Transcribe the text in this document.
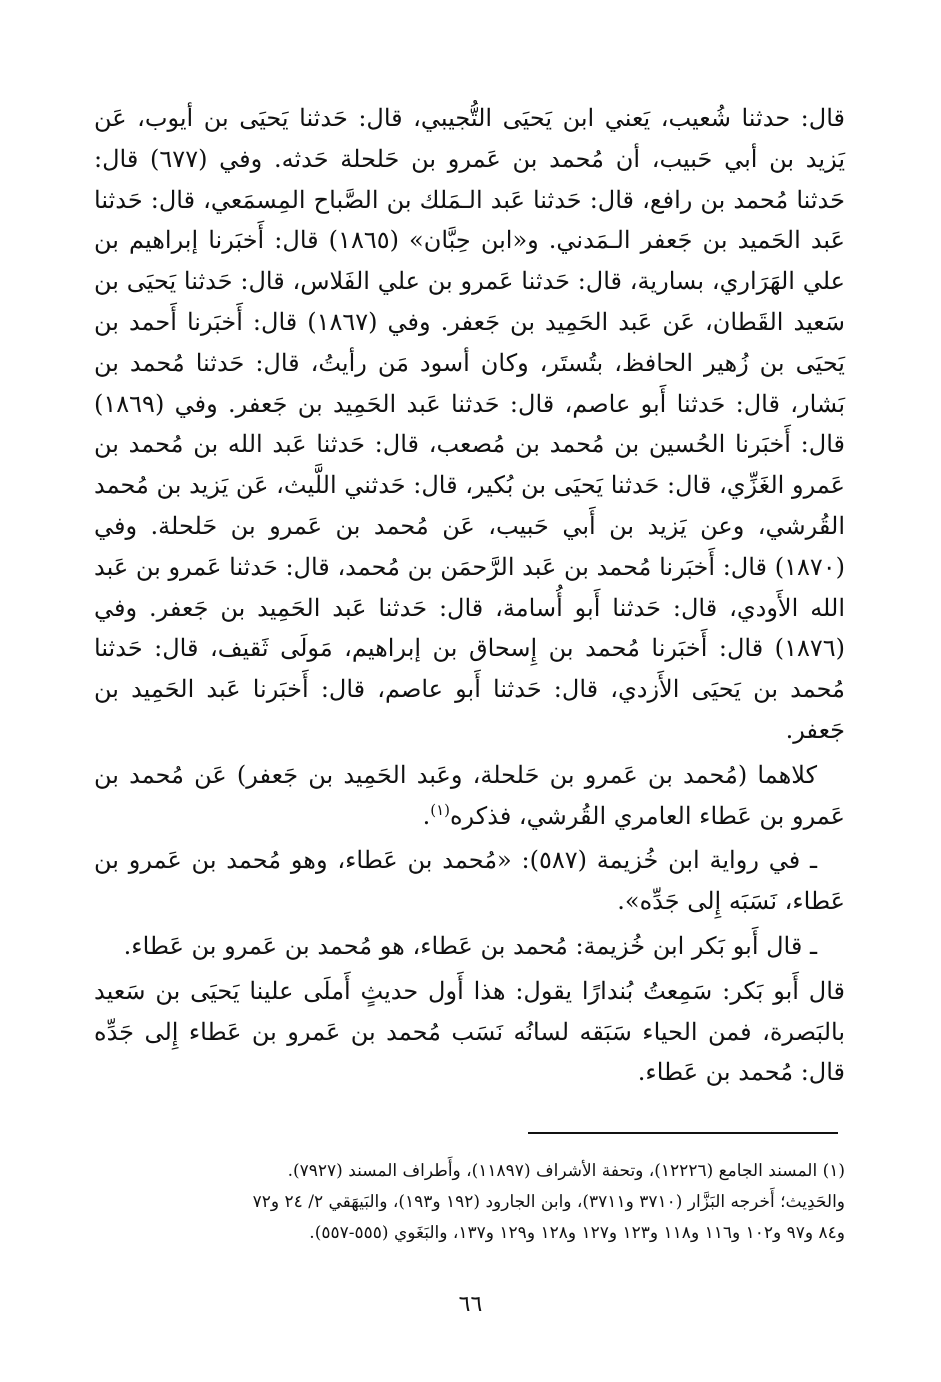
قال: حدثنا شُعيب، يَعني ابن يَحيَى التُّجيبي، قال: حَدثنا يَحيَى بن أيوب، عَن يَزيد بن أبي حَبيب، أن مُحمد بن عَمرو بن حَلحلة حَدثه. وفي (٦٧٧) قال: حَدثنا مُحمد بن رافع، قال: حَدثنا عَبد الـمَلك بن الصَّباح المِسمَعي، قال: حَدثنا عَبد الحَميد بن جَعفر الـمَدني. و«ابن حِبَّان» (١٨٦٥) قال: أَخبَرنا إبراهيم بن علي الهَرَاري، بسارية، قال: حَدثنا عَمرو بن علي الفَلاس، قال: حَدثنا يَحيَى بن سَعيد القَطان، عَن عَبد الحَمِيد بن جَعفر. وفي (١٨٦٧) قال: أَخبَرنا أَحمد بن يَحيَى بن زُهير الحافظ، بتُستَر، وكان أسود مَن رأيتُ، قال: حَدثنا مُحمد بن بَشار، قال: حَدثنا أَبو عاصم، قال: حَدثنا عَبد الحَمِيد بن جَعفر. وفي (١٨٦٩) قال: أَخبَرنا الحُسين بن مُحمد بن مُصعب، قال: حَدثنا عَبد الله بن مُحمد بن عَمرو الغَزِّي، قال: حَدثنا يَحيَى بن بُكير، قال: حَدثني اللَّيث، عَن يَزيد بن مُحمد القُرشي، وعن يَزيد بن أَبي حَبيب، عَن مُحمد بن عَمرو بن حَلحلة. وفي (١٨٧٠) قال: أَخبَرنا مُحمد بن عَبد الرَّحمَن بن مُحمد، قال: حَدثنا عَمرو بن عَبد الله الأَودي، قال: حَدثنا أَبو أُسامة، قال: حَدثنا عَبد الحَمِيد بن جَعفر. وفي (١٨٧٦) قال: أَخبَرنا مُحمد بن إِسحاق بن إبراهيم، مَولَى ثَقيف، قال: حَدثنا مُحمد بن يَحيَى الأَزدي، قال: حَدثنا أَبو عاصم، قال: أَخبَرنا عَبد الحَمِيد بن جَعفر.

كلاهما (مُحمد بن عَمرو بن حَلحلة، وعَبد الحَمِيد بن جَعفر) عَن مُحمد بن عَمرو بن عَطاء العامري القُرشي، فذكره$^{(١)}$.

ـ في رواية ابن خُزيمة (٥٨٧): «مُحمد بن عَطاء، وهو مُحمد بن عَمرو بن عَطاء، نَسَبَه إِلى جَدِّه».

ـ قال أَبو بَكر ابن خُزيمة: مُحمد بن عَطاء، هو مُحمد بن عَمرو بن عَطاء.

قال أَبو بَكر: سَمِعتُ بُندارًا يقول: هذا أَول حديثٍ أَملَى علينا يَحيَى بن سَعيد بالبَصرة، فمن الحياء سَبَقه لسانُه نَسَب مُحمد بن عَمرو بن عَطاء إِلى جَدِّه قال: مُحمد بن عَطاء.

(١) المسند الجامع (١٢٢٢٦)، وتحفة الأشراف (١١٨٩٧)، وأَطراف المسند (٧٩٢٧).

والحَدِيث؛ أَخرجه البَزَّار (٣٧١٠ و٣٧١١)، وابن الجارود (١٩٢ و١٩٣)، والبَيهَقي ٢/ ٢٤ و٧٢

و٨٤ و٩٧ و١٠٢ و١١٦ و١١٨ و١٢٣ و١٢٧ و١٢٨ و١٢٩ و١٣٧، والبَغَوي (٥٥٥-٥٥٧).

٦٦
